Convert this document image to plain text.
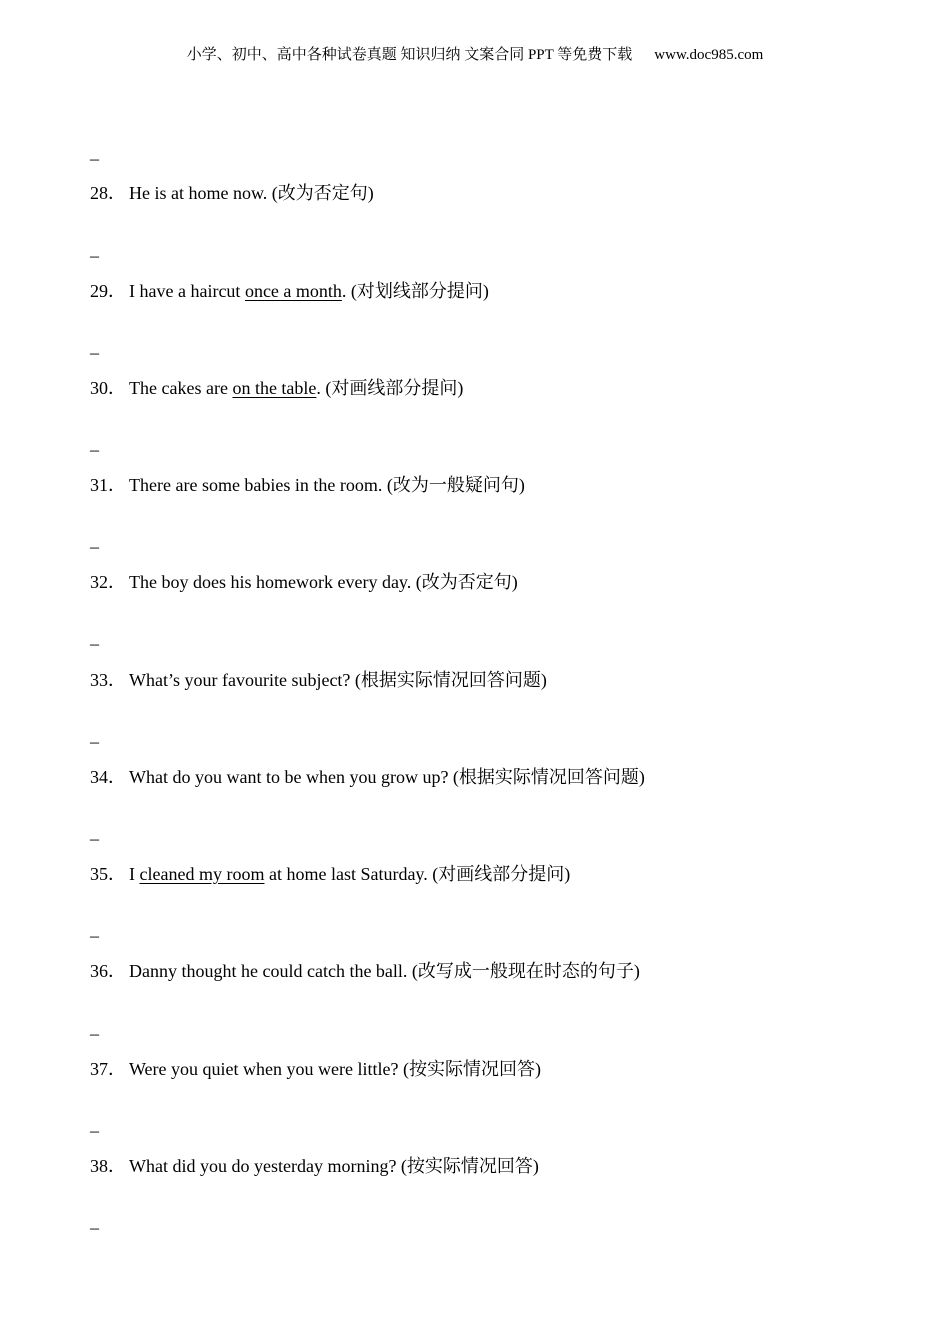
小学、初中、高中各种试卷真题 知识归纳 文案合同 PPT 等免费下载 www.doc985.com
_
28． He is at home now. (改为否定句)
_
29． I have a haircut once a month. (对划线部分提问)
_
30． The cakes are on the table. (对画线部分提问)
_
31． There are some babies in the room. (改为一般疑问句)
_
32． The boy does his homework every day. (改为否定句)
_
33． What’s your favourite subject? (根据实际情况回答问题)
_
34． What do you want to be when you grow up? (根据实际情况回答问题)
_
35． I cleaned my room at home last Saturday. (对画线部分提问)
_
36． Danny thought he could catch the ball. (改写成一般现在时态的句子)
_
37． Were you quiet when you were little? (按实际情况回答)
_
38． What did you do yesterday morning? (按实际情况回答)
_
